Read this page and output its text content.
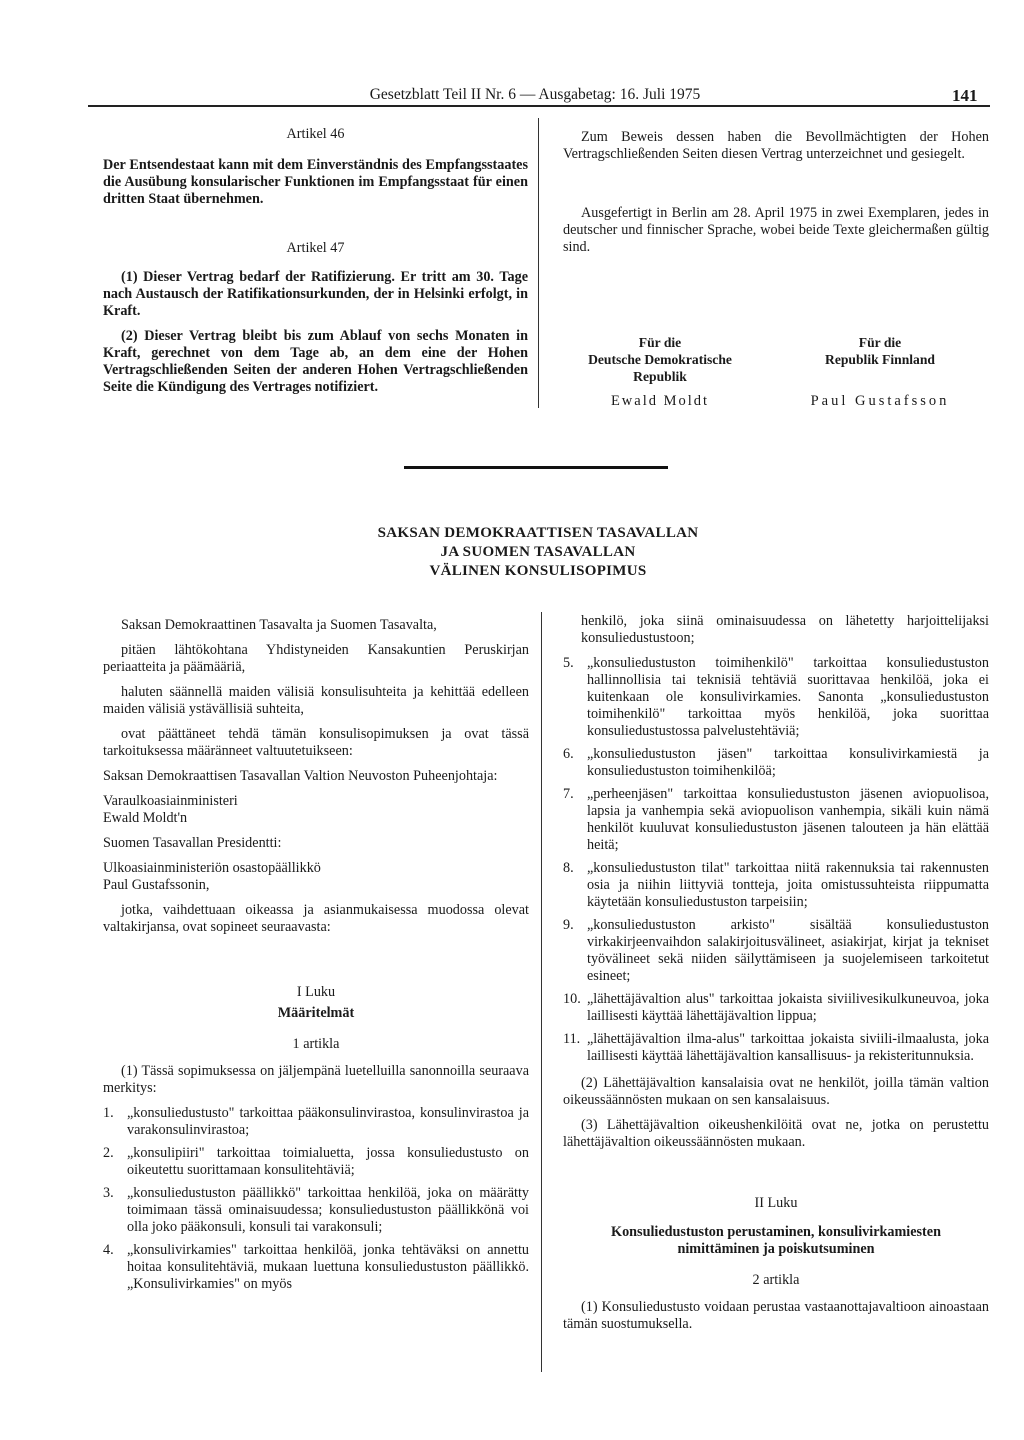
Gesetzblatt Teil II Nr. 6 — Ausgabetag: 16. Juli 1975	141

Artikel 46

Der Entsendestaat kann mit dem Einverständnis des Empfangsstaates die Ausübung konsularischer Funktionen im Empfangsstaat für einen dritten Staat übernehmen.

Artikel 47

(1) Dieser Vertrag bedarf der Ratifizierung. Er tritt am 30. Tage nach Austausch der Ratifikationsurkunden, der in Helsinki erfolgt, in Kraft.

(2) Dieser Vertrag bleibt bis zum Ablauf von sechs Monaten in Kraft, gerechnet von dem Tage ab, an dem eine der Hohen Vertragschließenden Seiten der anderen Hohen Vertragschließenden Seite die Kündigung des Vertrages notifiziert.

Zum Beweis dessen haben die Bevollmächtigten der Hohen Vertragschließenden Seiten diesen Vertrag unterzeichnet und gesiegelt.

Ausgefertigt in Berlin am 28. April 1975 in zwei Exemplaren, jedes in deutscher und finnischer Sprache, wobei beide Texte gleichermaßen gültig sind.

Für die
Deutsche Demokratische
Republik
Ewald Moldt
Für die
Republik Finnland
Paul Gustafsson
SAKSAN DEMOKRAATTISEN TASAVALLAN
JA SUOMEN TASAVALLAN
VÄLINEN KONSULISOPIMUS

Saksan Demokraattinen Tasavalta ja Suomen Tasavalta,

pitäen lähtökohtana Yhdistyneiden Kansakuntien Peruskirjan periaatteita ja päämääriä,

haluten säännellä maiden välisiä konsulisuhteita ja kehittää edelleen maiden välisiä ystävällisiä suhteita,

ovat päättäneet tehdä tämän konsulisopimuksen ja ovat tässä tarkoituksessa määränneet valtuutetuikseen:

Saksan Demokraattisen Tasavallan Valtion Neuvoston Puheenjohtaja:

Varaulkoasiainministeri

Ewald Moldt'n

Suomen Tasavallan Presidentti:

Ulkoasiainministeriön osastopäällikkö

Paul Gustafssonin,

jotka, vaihdettuaan oikeassa ja asianmukaisessa muodossa olevat valtakirjansa, ovat sopineet seuraavasta:

I Luku

Määritelmät

1 artikla

(1) Tässä sopimuksessa on jäljempänä luetelluilla sanonnoilla seuraava merkitys:

1. „konsuliedustusto" tarkoittaa pääkonsulinvirastoa, konsulinvirastoa ja varakonsulinvirastoa;
2. „konsulipiiri" tarkoittaa toimialuetta, jossa konsuliedustusto on oikeutettu suorittamaan konsulitehtäviä;
3. „konsuliedustuston päällikkö" tarkoittaa henkilöä, joka on määrätty toimimaan tässä ominaisuudessa; konsuliedustuston päällikkönä voi olla joko pääkonsuli, konsuli tai varakonsuli;
4. „konsulivirkamies" tarkoittaa henkilöä, jonka tehtäväksi on annettu hoitaa konsulitehtäviä, mukaan luettuna konsuliedustuston päällikkö. „Konsulivirkamies" on myös

henkilö, joka siinä ominaisuudessa on lähetetty harjoittelijaksi konsuliedustustoon;

5. „konsuliedustuston toimihenkilö" tarkoittaa konsuliedustuston hallinnollisia tai teknisiä tehtäviä suorittavaa henkilöä, joka ei kuitenkaan ole konsulivirkamies. Sanonta „konsuliedustuston toimihenkilö" tarkoittaa myös henkilöä, joka suorittaa konsuliedustustossa palvelustehtäviä;
6. „konsuliedustuston jäsen" tarkoittaa konsulivirkamiestä ja konsuliedustuston toimihenkilöä;
7. „perheenjäsen" tarkoittaa konsuliedustuston jäsenen aviopuolisoa, lapsia ja vanhempia sekä aviopuolison vanhempia, sikäli kuin nämä henkilöt kuuluvat konsuliedustuston jäsenen talouteen ja hän elättää heitä;
8. „konsuliedustuston tilat" tarkoittaa niitä rakennuksia tai rakennusten osia ja niihin liittyviä tontteja, joita omistussuhteista riippumatta käytetään konsuliedustuston tarpeisiin;
9. „konsuliedustuston arkisto" sisältää konsuliedustuston virkakirjeenvaihdon salakirjoitusvälineet, asiakirjat, kirjat ja tekniset työvälineet sekä niiden säilyttämiseen ja suojelemiseen tarkoitetut esineet;
10. „lähettäjävaltion alus" tarkoittaa jokaista siviilivesikulkuneuvoa, joka laillisesti käyttää lähettäjävaltion lippua;
11. „lähettäjävaltion ilma-alus" tarkoittaa jokaista siviili-ilmaalusta, joka laillisesti käyttää lähettäjävaltion kansallisuus- ja rekisteritunnuksia.

(2) Lähettäjävaltion kansalaisia ovat ne henkilöt, joilla tämän valtion oikeussäännösten mukaan on sen kansalaisuus.

(3) Lähettäjävaltion oikeushenkilöitä ovat ne, jotka on perustettu lähettäjävaltion oikeussäännösten mukaan.

II Luku

Konsuliedustuston perustaminen, konsulivirkamiesten nimittäminen ja poiskutsuminen

2 artikla

(1) Konsuliedustusto voidaan perustaa vastaanottajavaltioon ainoastaan tämän suostumuksella.
